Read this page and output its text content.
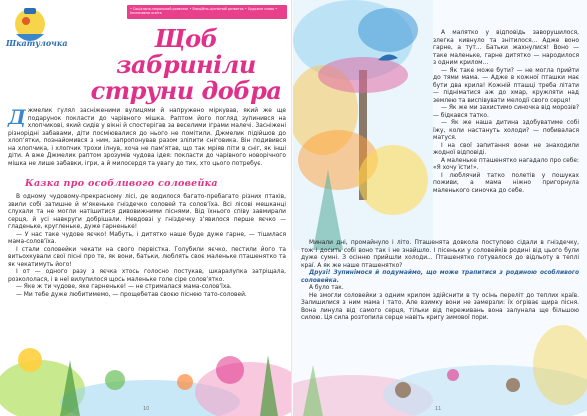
Шкатулочка
• Соціально–моральний розвиток • Емоційно–ціннісний розвиток • Художнє слово • Інклюзивна освіта
Щоб забриніли струни добра
Д жмелик гулял засніженими вулицями й напружено міркував, який же ще подарунок покласти до чарівного мішка. Раптом його погляд зупинився на хлопчикові, який сидів у вікні й спостерігав за веселими іграми малечі. Засніжені різнорідні забавами, діти посміювалися до нього не помітили. Джмелик підійшов до хлоп’ятки, познайомився з ним, запропонував разом зліпити сніговика. Він подивився на хлопчика, і хлопчик трохи ілнув, хоча не пам’ятав, що так мріяв піти в сніг, як інші діти. А вже Джмелик раптом зрозумів чудова ідея: покласти до чарівного новорічного мішка не лише забавки, ігри, а й милосердя та увагу до тих, хто цього потребує.
Казка про особливого соловейка

В одному чудовому-прекрасному лісі, де водилося багато-пребагато різних птахів, звили собі затишне й м’якеньке гніздечко соловей та солов’їха. Всі лісові мешканці слухали та не могли натішитися дивовижними піснями. Від їхнього співу завмирали серця, й усі навкруги добрішали. Невдовзі у гніздечку з’явилося перше яєчко — гладеньке, кругленьке, дуже гарненьке!

— У нас таке чудове яєчко! Мабуть, і дитятко наше буде дуже гарне, — тішилася мама-солов’їха.

І стали соловейки чекати на свого первістка. Голубили яєчко, пестили його та витьохкували свої пісні про те, як вони, батьки, люблять своє маленьке пташенятко та як чекатимуть його!

І от — одного разу з яєчка хтось голосно постукав, шкаралупка затріщала, розкололася, і в неї вилупилося щось маленьке голе сіре солов’ятко.

— Яке ж ти чудове, яке гарненьке! — не стрималася мама-солов’їха.

— Ми тебе дуже любитимемо, — прощебетав своєю піснею тато-соловей.

10

А малятко у відповідь заворушилося, злегка кивнуло та знітилося... Адже воно гарне, а тут... Батьки жахнулися! Воно — таке маленьке, гарне дитятко — народилося з одним крилом...

— Як таке може бути? — не могла прийти до тями мама. — Адже в кожної пташки має бути два крила! Кожній пташці треба літати — підніматися аж до хмар, кружляти над землею та виспівувати мелодії свого серця!

— Як же ми захистимо синочка від морозів? — бідкався татко.

— Як же наша дитина здобуватиме собі їжу, коли настануть холоди? — побивалася матуся.

І на свої запитання вони не знаходили жодної відповіді.

А маленьке пташенятко нагадало про себе: «Я хочу їсти!».

І люблячий татко полетів у пошуках поживи, а мама ніжно пригорнула маленького синочка до себе.

Минали дні, промайнуло і літо. Пташенята довкола поступово сідали в гніздечку, тож і досить собі воно так і не знайшло. І пісеньки у соловейків родині від цього були дуже сумні. З осінню прийшли холоди... Пташенятко готувалося до відльоту в теплі краї. А як же наше пташенятко?

Друзі! Зупинімося й подумаймо, що може трапитися з родиною особливого соловейка.

А було так.

Не змогли соловейки з одним крилом здійснити в ту осінь переліт до теплих країв. Залишилися з ним мама і тато. Але взимку вони не замерзли: їх огріває щира пісня. Вона линула від самого серця, тільки від переживань вона залунала ще більшою силою. Ця сила розтопила серце навіть кригу зимової пори.

11
